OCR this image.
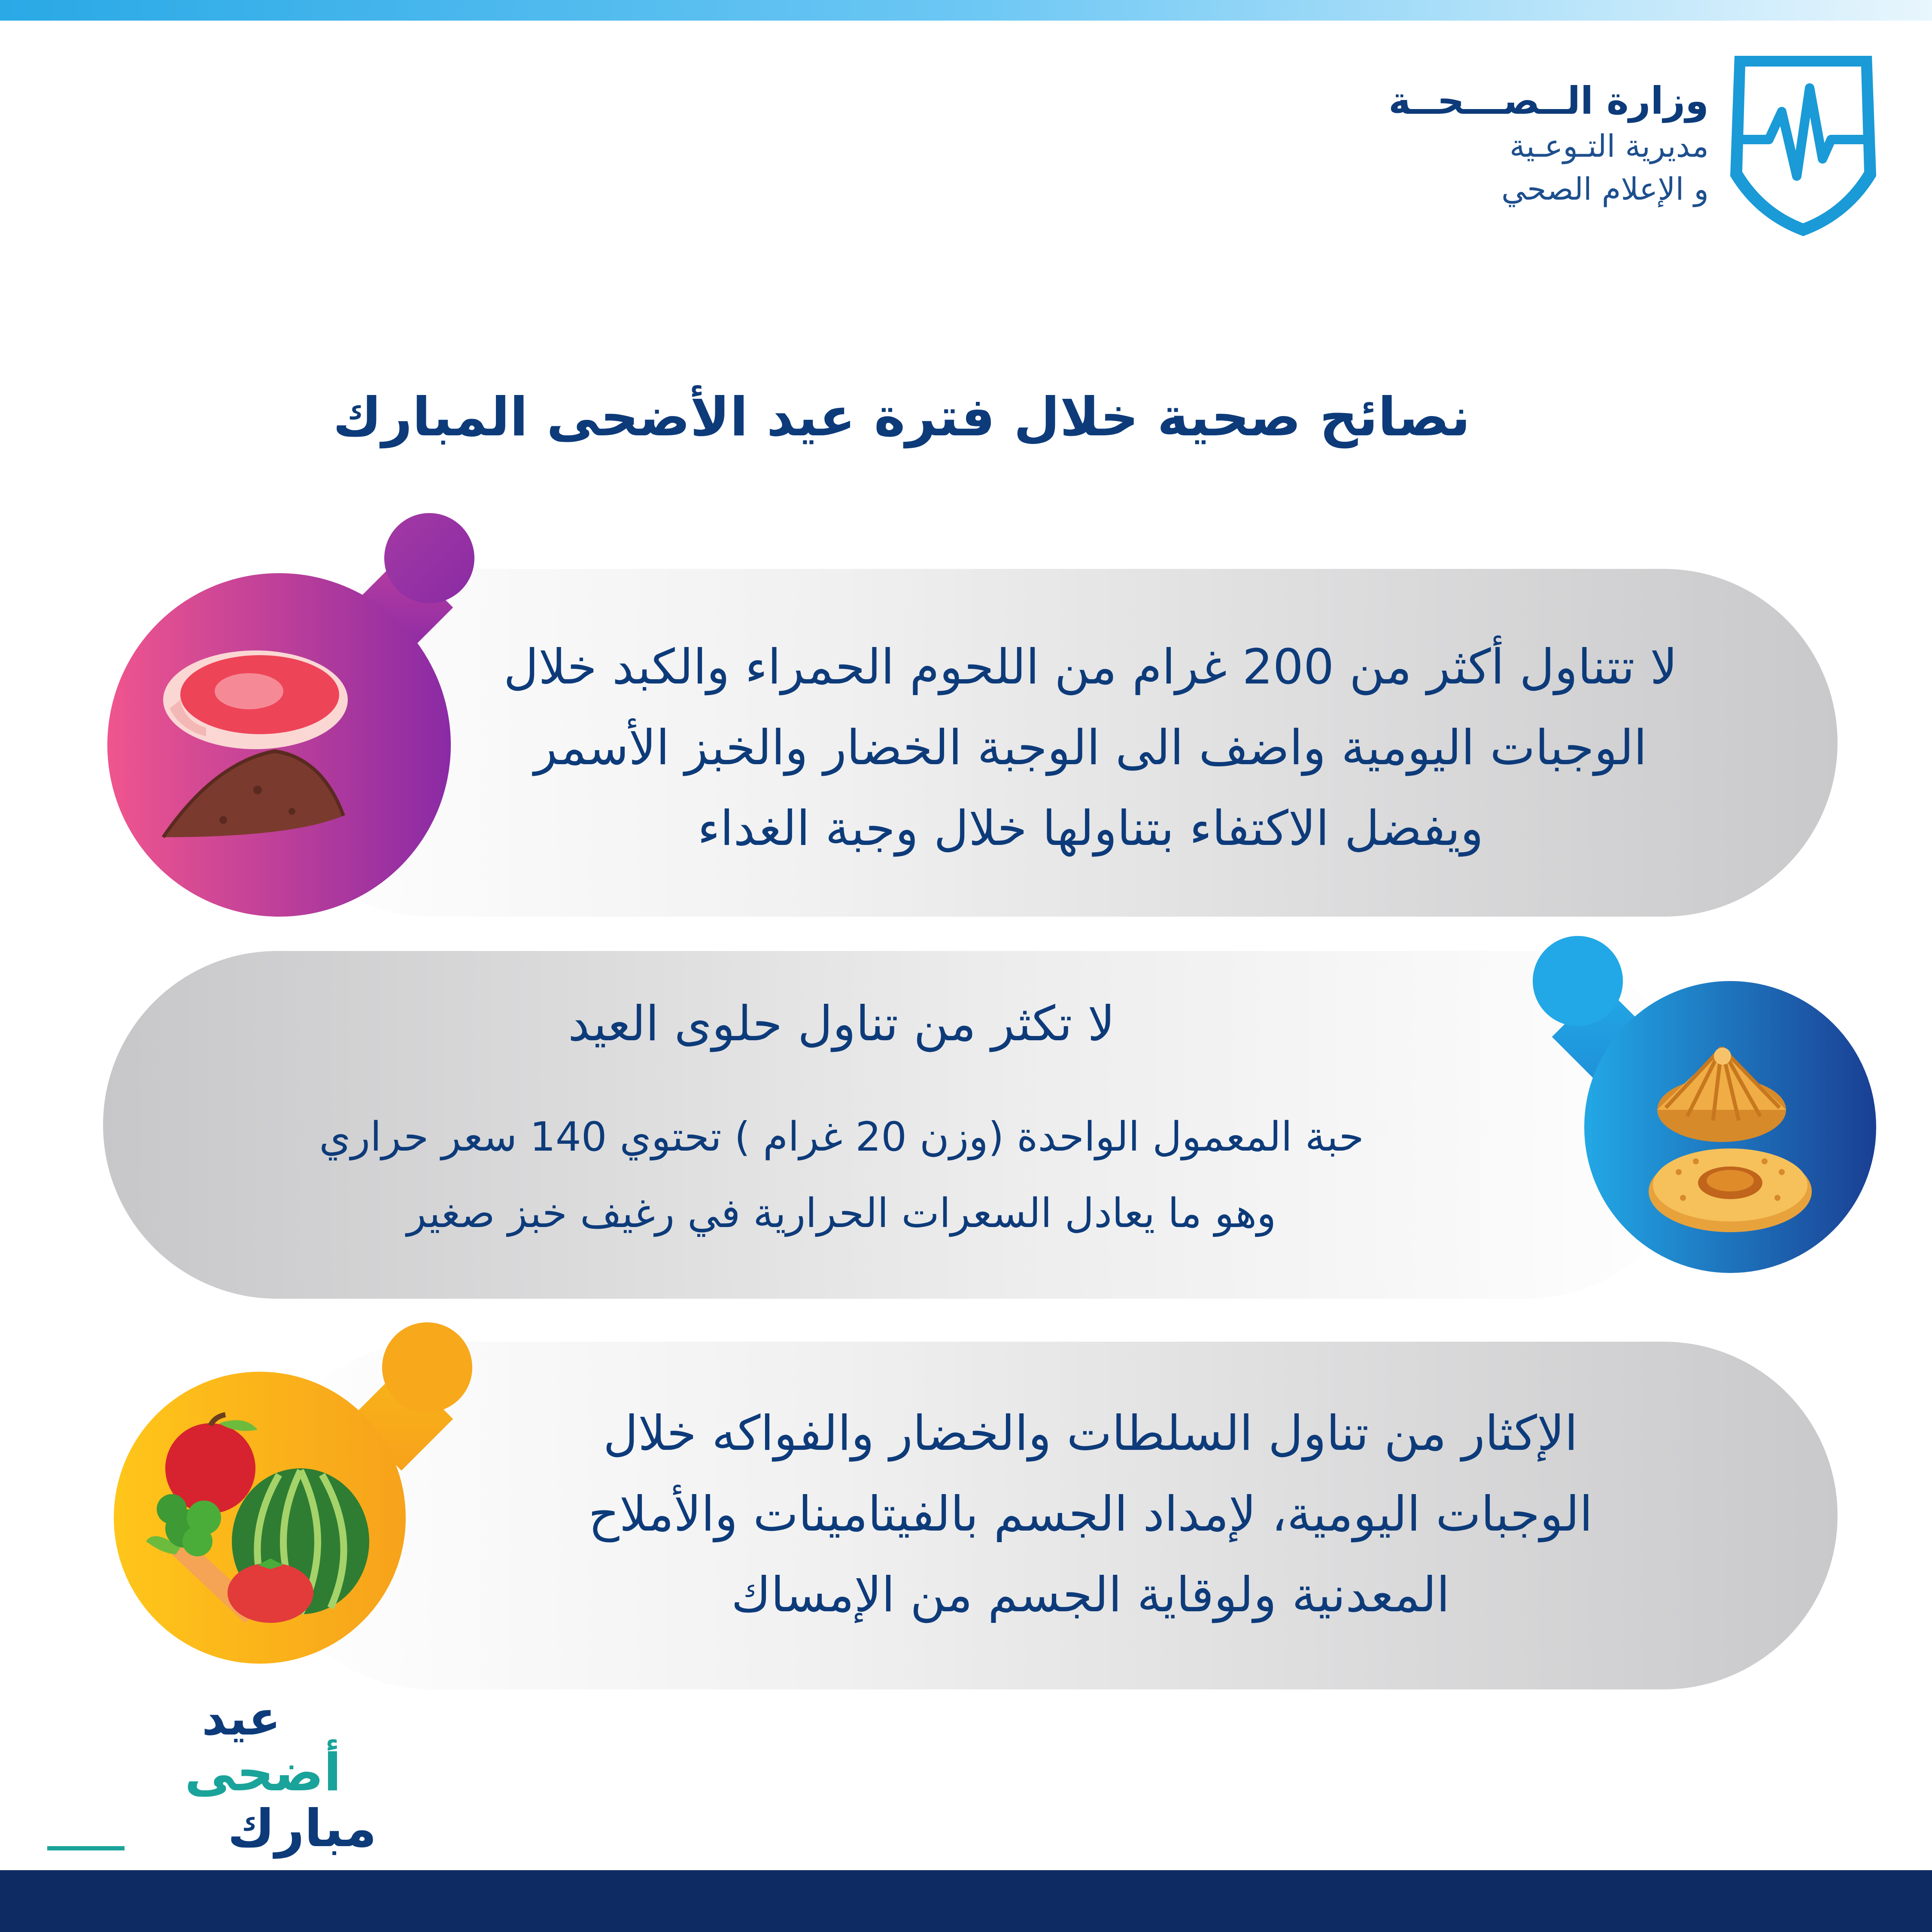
وزارة الــصـــحــة
مديرية التـوعـية
و الإعلام الصحي
نصائح صحية خلال فترة عيد الأضحى المبارك

لا تتناول أكثر من 200 غرام من اللحوم الحمراء والكبد خلال

الوجبات اليومية واضف الى الوجبة الخضار والخبز الأسمر

ويفضل الاكتفاء بتناولها خلال وجبة الغداء

لا تكثر من تناول حلوى العيد

حبة المعمول الواحدة (وزن 20 غرام ) تحتوي 140 سعر حراري

وهو ما يعادل السعرات الحرارية في رغيف خبز صغير

الإكثار من تناول السلطات والخضار والفواكه خلال

الوجبات اليومية، لإمداد الجسم بالفيتامينات والأملاح

المعدنية ولوقاية الجسم من الإمساك

عيد
أضحى
مبارك
